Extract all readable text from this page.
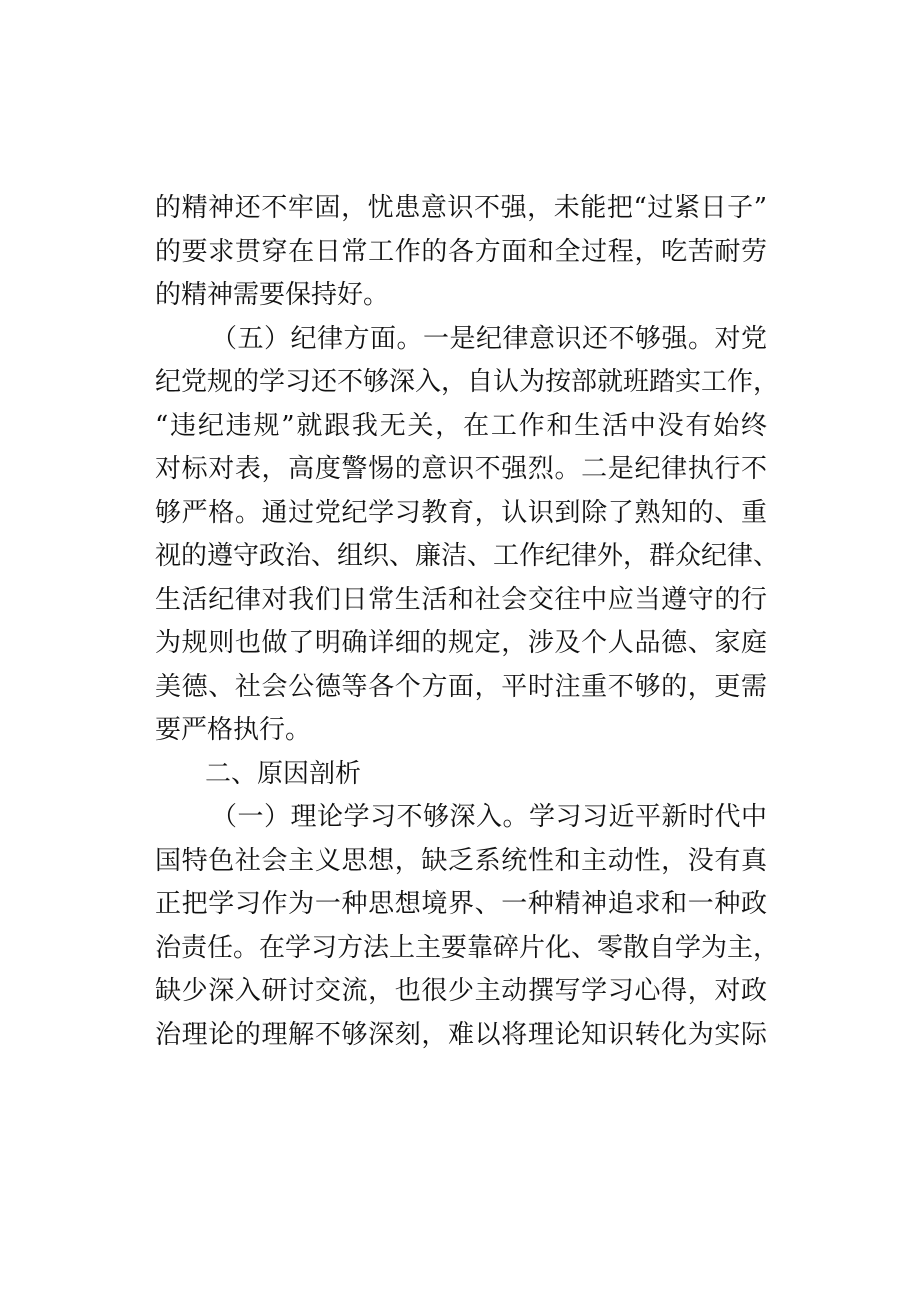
的精神还不牢固，忧患意识不强，未能把“过紧日子”
的要求贯穿在日常工作的各方面和全过程，吃苦耐劳
的精神需要保持好。
（五）纪律方面。一是纪律意识还不够强。对党
纪党规的学习还不够深入，自认为按部就班踏实工作，
“违纪违规”就跟我无关，在工作和生活中没有始终
对标对表，高度警惕的意识不强烈。二是纪律执行不
够严格。通过党纪学习教育，认识到除了熟知的、重
视的遵守政治、组织、廉洁、工作纪律外，群众纪律、
生活纪律对我们日常生活和社会交往中应当遵守的行
为规则也做了明确详细的规定，涉及个人品德、家庭
美德、社会公德等各个方面，平时注重不够的，更需
要严格执行。
二、原因剖析
（一）理论学习不够深入。学习习近平新时代中
国特色社会主义思想，缺乏系统性和主动性，没有真
正把学习作为一种思想境界、一种精神追求和一种政
治责任。在学习方法上主要靠碎片化、零散自学为主，
缺少深入研讨交流，也很少主动撰写学习心得，对政
治理论的理解不够深刻，难以将理论知识转化为实际
